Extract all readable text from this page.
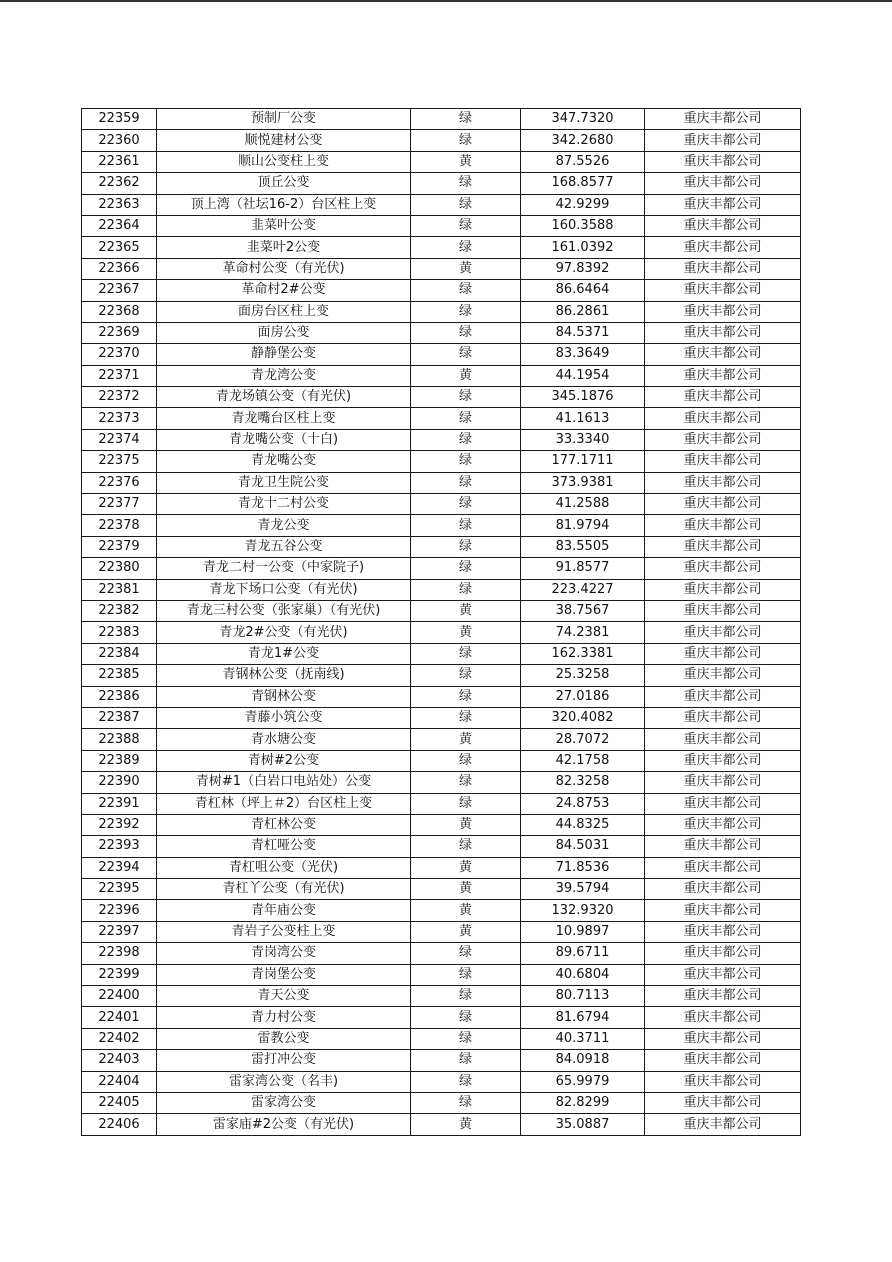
22359	预制厂公变	绿	347.7320	重庆丰都公司
22360	顺悦建材公变	绿	342.2680	重庆丰都公司
22361	顺山公变柱上变	黄	87.5526	重庆丰都公司
22362	顶丘公变	绿	168.8577	重庆丰都公司
22363	顶上湾（社坛16-2）台区柱上变	绿	42.9299	重庆丰都公司
22364	韭菜叶公变	绿	160.3588	重庆丰都公司
22365	韭菜叶2公变	绿	161.0392	重庆丰都公司
22366	革命村公变（有光伏)	黄	97.8392	重庆丰都公司
22367	革命村2#公变	绿	86.6464	重庆丰都公司
22368	面房台区柱上变	绿	86.2861	重庆丰都公司
22369	面房公变	绿	84.5371	重庆丰都公司
22370	静静堡公变	绿	83.3649	重庆丰都公司
22371	青龙湾公变	黄	44.1954	重庆丰都公司
22372	青龙场镇公变（有光伏)	绿	345.1876	重庆丰都公司
22373	青龙嘴台区柱上变	绿	41.1613	重庆丰都公司
22374	青龙嘴公变（十白)	绿	33.3340	重庆丰都公司
22375	青龙嘴公变	绿	177.1711	重庆丰都公司
22376	青龙卫生院公变	绿	373.9381	重庆丰都公司
22377	青龙十二村公变	绿	41.2588	重庆丰都公司
22378	青龙公变	绿	81.9794	重庆丰都公司
22379	青龙五谷公变	绿	83.5505	重庆丰都公司
22380	青龙二村一公变（中家院子)	绿	91.8577	重庆丰都公司
22381	青龙下场口公变（有光伏)	绿	223.4227	重庆丰都公司
22382	青龙三村公变（张家巢）（有光伏)	黄	38.7567	重庆丰都公司
22383	青龙2#公变（有光伏)	黄	74.2381	重庆丰都公司
22384	青龙1#公变	绿	162.3381	重庆丰都公司
22385	青钢林公变（抚南线)	绿	25.3258	重庆丰都公司
22386	青钢林公变	绿	27.0186	重庆丰都公司
22387	青藤小筑公变	绿	320.4082	重庆丰都公司
22388	青水塘公变	黄	28.7072	重庆丰都公司
22389	青树#2公变	绿	42.1758	重庆丰都公司
22390	青树#1（白岩口电站处）公变	绿	82.3258	重庆丰都公司
22391	青杠林（坪上＃2）台区柱上变	绿	24.8753	重庆丰都公司
22392	青杠林公变	黄	44.8325	重庆丰都公司
22393	青杠哑公变	绿	84.5031	重庆丰都公司
22394	青杠咀公变（光伏)	黄	71.8536	重庆丰都公司
22395	青杠丫公变（有光伏)	黄	39.5794	重庆丰都公司
22396	青年庙公变	黄	132.9320	重庆丰都公司
22397	青岩子公变柱上变	黄	10.9897	重庆丰都公司
22398	青岗湾公变	绿	89.6711	重庆丰都公司
22399	青岗堡公变	绿	40.6804	重庆丰都公司
22400	青天公变	绿	80.7113	重庆丰都公司
22401	青力村公变	绿	81.6794	重庆丰都公司
22402	雷教公变	绿	40.3711	重庆丰都公司
22403	雷打冲公变	绿	84.0918	重庆丰都公司
22404	雷家湾公变（名丰)	绿	65.9979	重庆丰都公司
22405	雷家湾公变	绿	82.8299	重庆丰都公司
22406	雷家庙#2公变（有光伏)	黄	35.0887	重庆丰都公司
